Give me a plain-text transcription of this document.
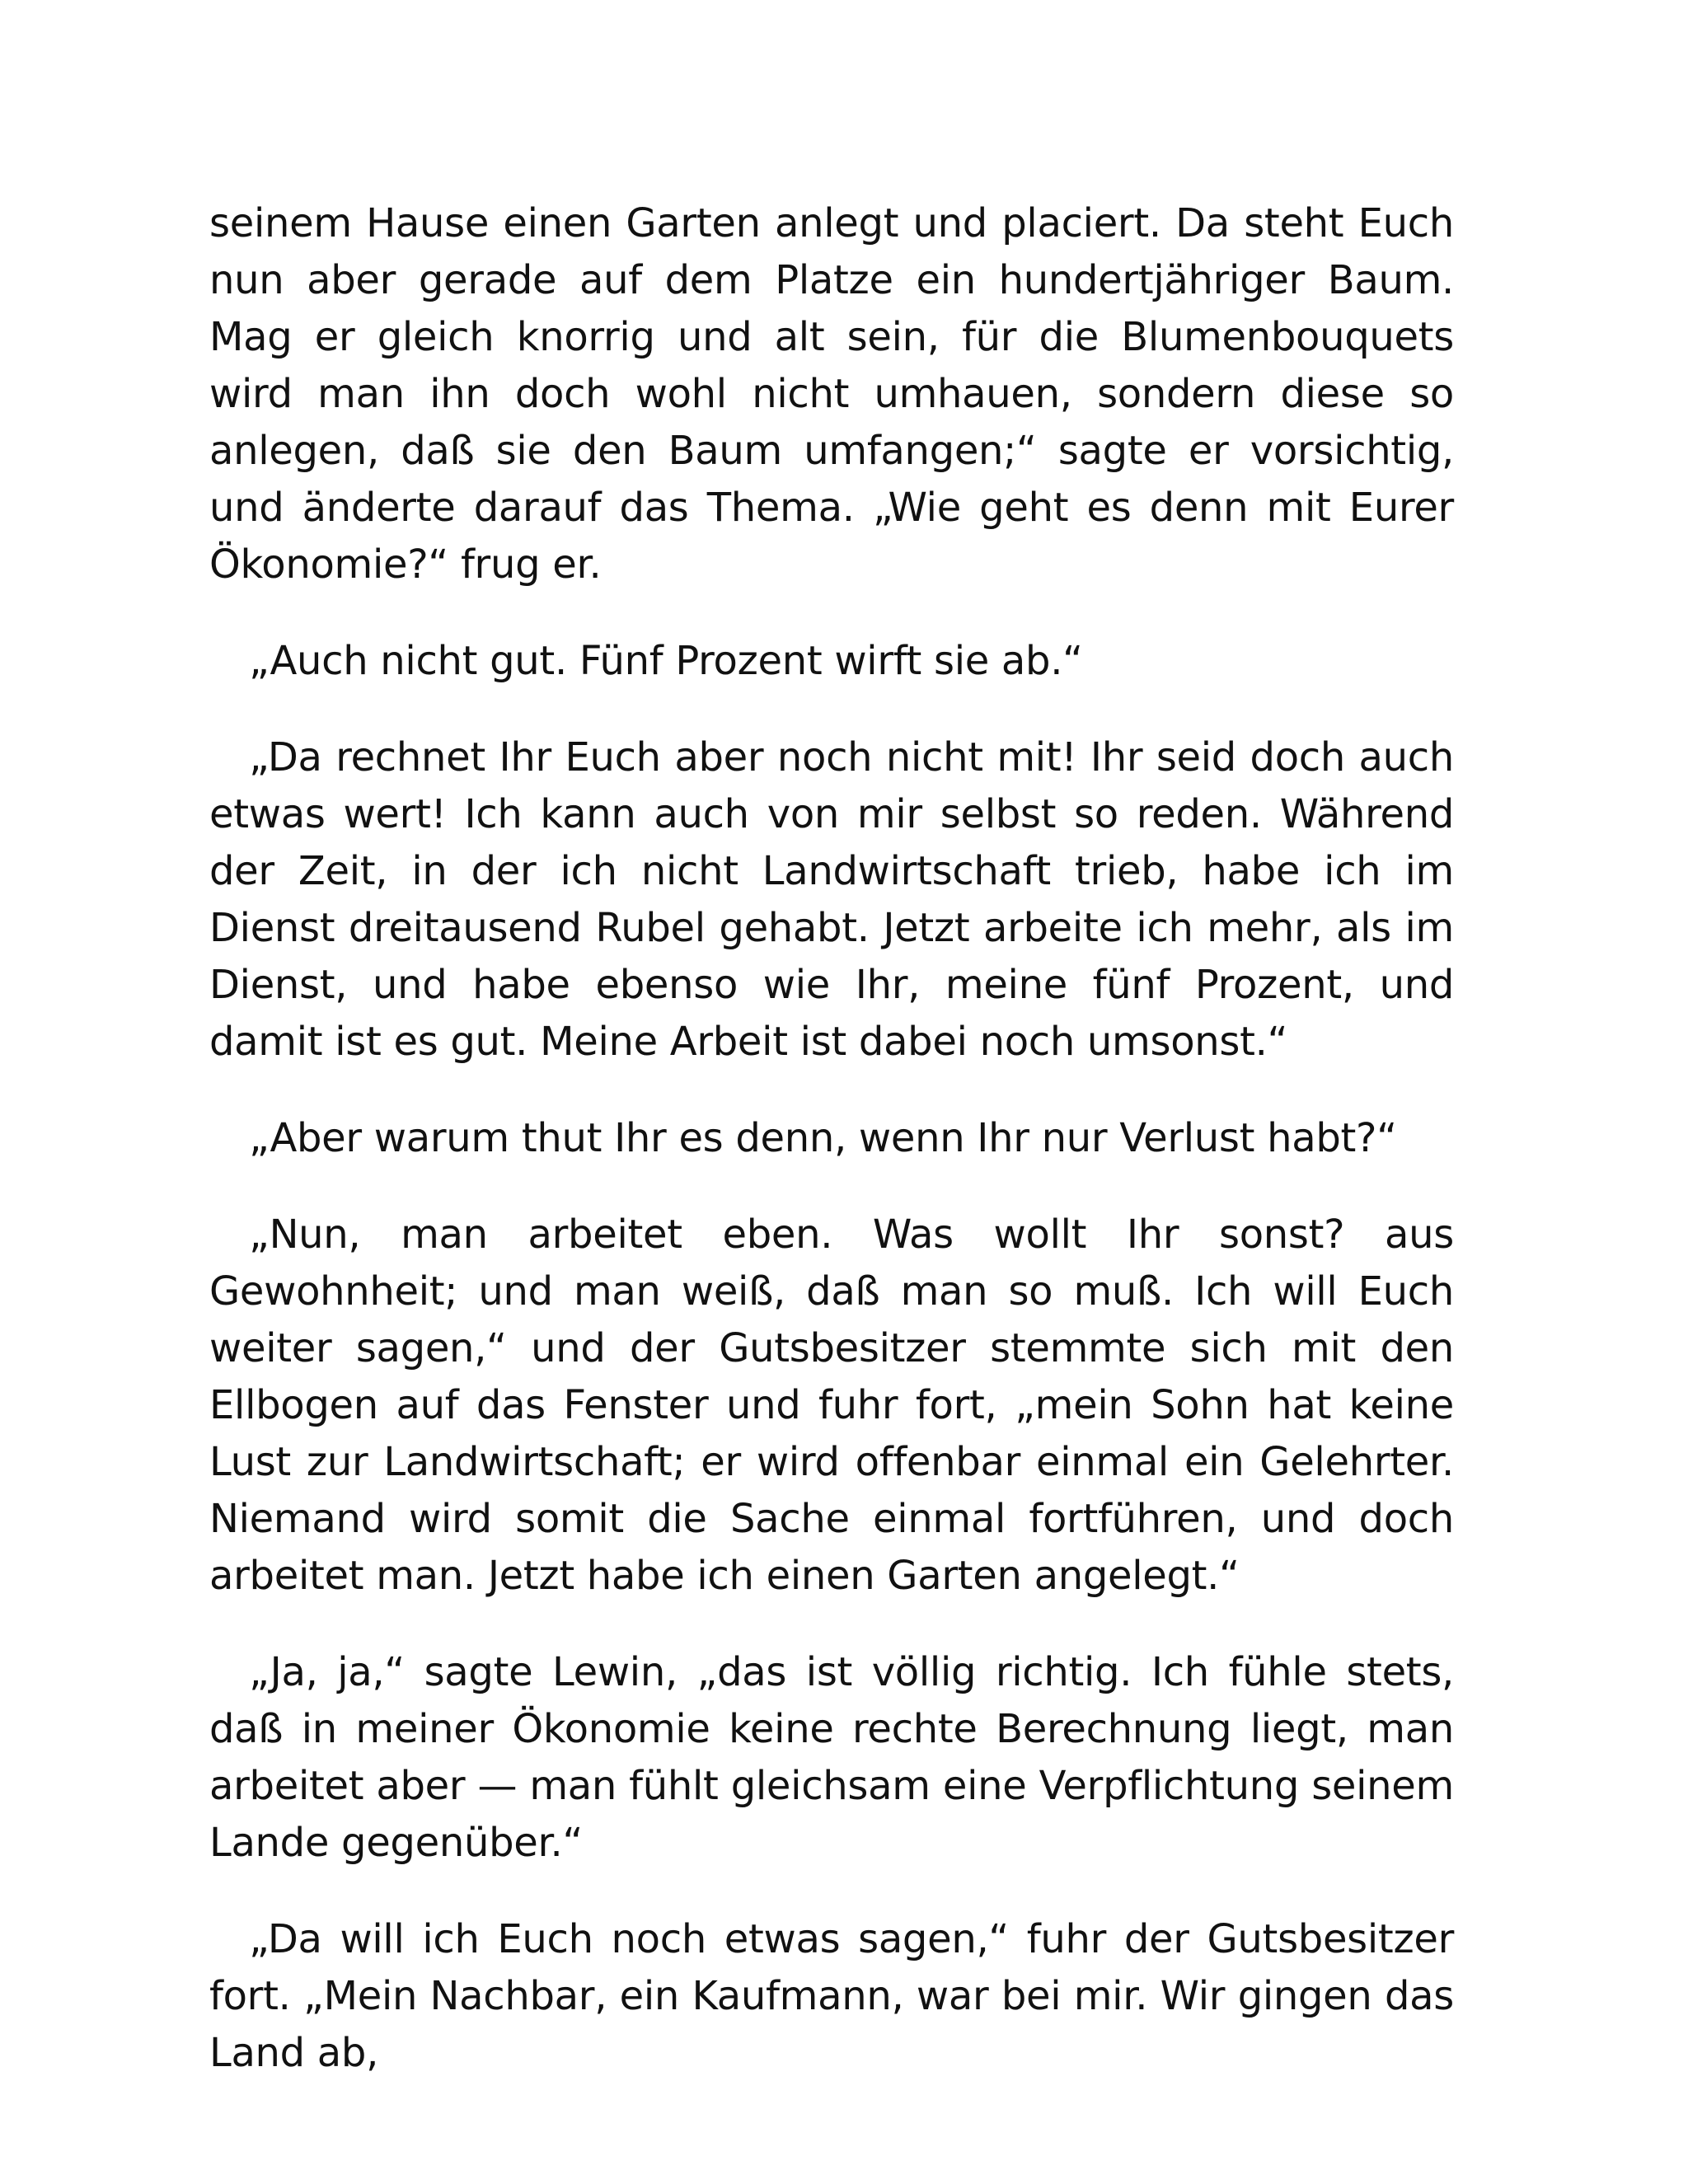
seinem Hause einen Garten anlegt und placiert. Da steht Euch nun aber gerade auf dem Platze ein hundertjähriger Baum. Mag er gleich knorrig und alt sein, für die Blumenbouquets wird man ihn doch wohl nicht umhauen, sondern diese so anlegen, daß sie den Baum umfangen;“ sagte er vorsichtig, und änderte darauf das Thema. „Wie geht es denn mit Eurer Ökonomie?“ frug er.

„Auch nicht gut. Fünf Prozent wirft sie ab.“

„Da rechnet Ihr Euch aber noch nicht mit! Ihr seid doch auch etwas wert! Ich kann auch von mir selbst so reden. Während der Zeit, in der ich nicht Landwirtschaft trieb, habe ich im Dienst dreitausend Rubel gehabt. Jetzt arbeite ich mehr, als im Dienst, und habe ebenso wie Ihr, meine fünf Prozent, und damit ist es gut. Meine Arbeit ist dabei noch umsonst.“

„Aber warum thut Ihr es denn, wenn Ihr nur Verlust habt?“

„Nun, man arbeitet eben. Was wollt Ihr sonst? aus Gewohnheit; und man weiß, daß man so muß. Ich will Euch weiter sagen,“ und der Gutsbesitzer stemmte sich mit den Ellbogen auf das Fenster und fuhr fort, „mein Sohn hat keine Lust zur Landwirtschaft; er wird offenbar einmal ein Gelehrter. Niemand wird somit die Sache einmal fortführen, und doch arbeitet man. Jetzt habe ich einen Garten angelegt.“

„Ja, ja,“ sagte Lewin, „das ist völlig richtig. Ich fühle stets, daß in meiner Ökonomie keine rechte Berechnung liegt, man arbeitet aber — man fühlt gleichsam eine Verpflichtung seinem Lande gegenüber.“

„Da will ich Euch noch etwas sagen,“ fuhr der Gutsbesitzer fort. „Mein Nachbar, ein Kaufmann, war bei mir. Wir gingen das Land ab,
